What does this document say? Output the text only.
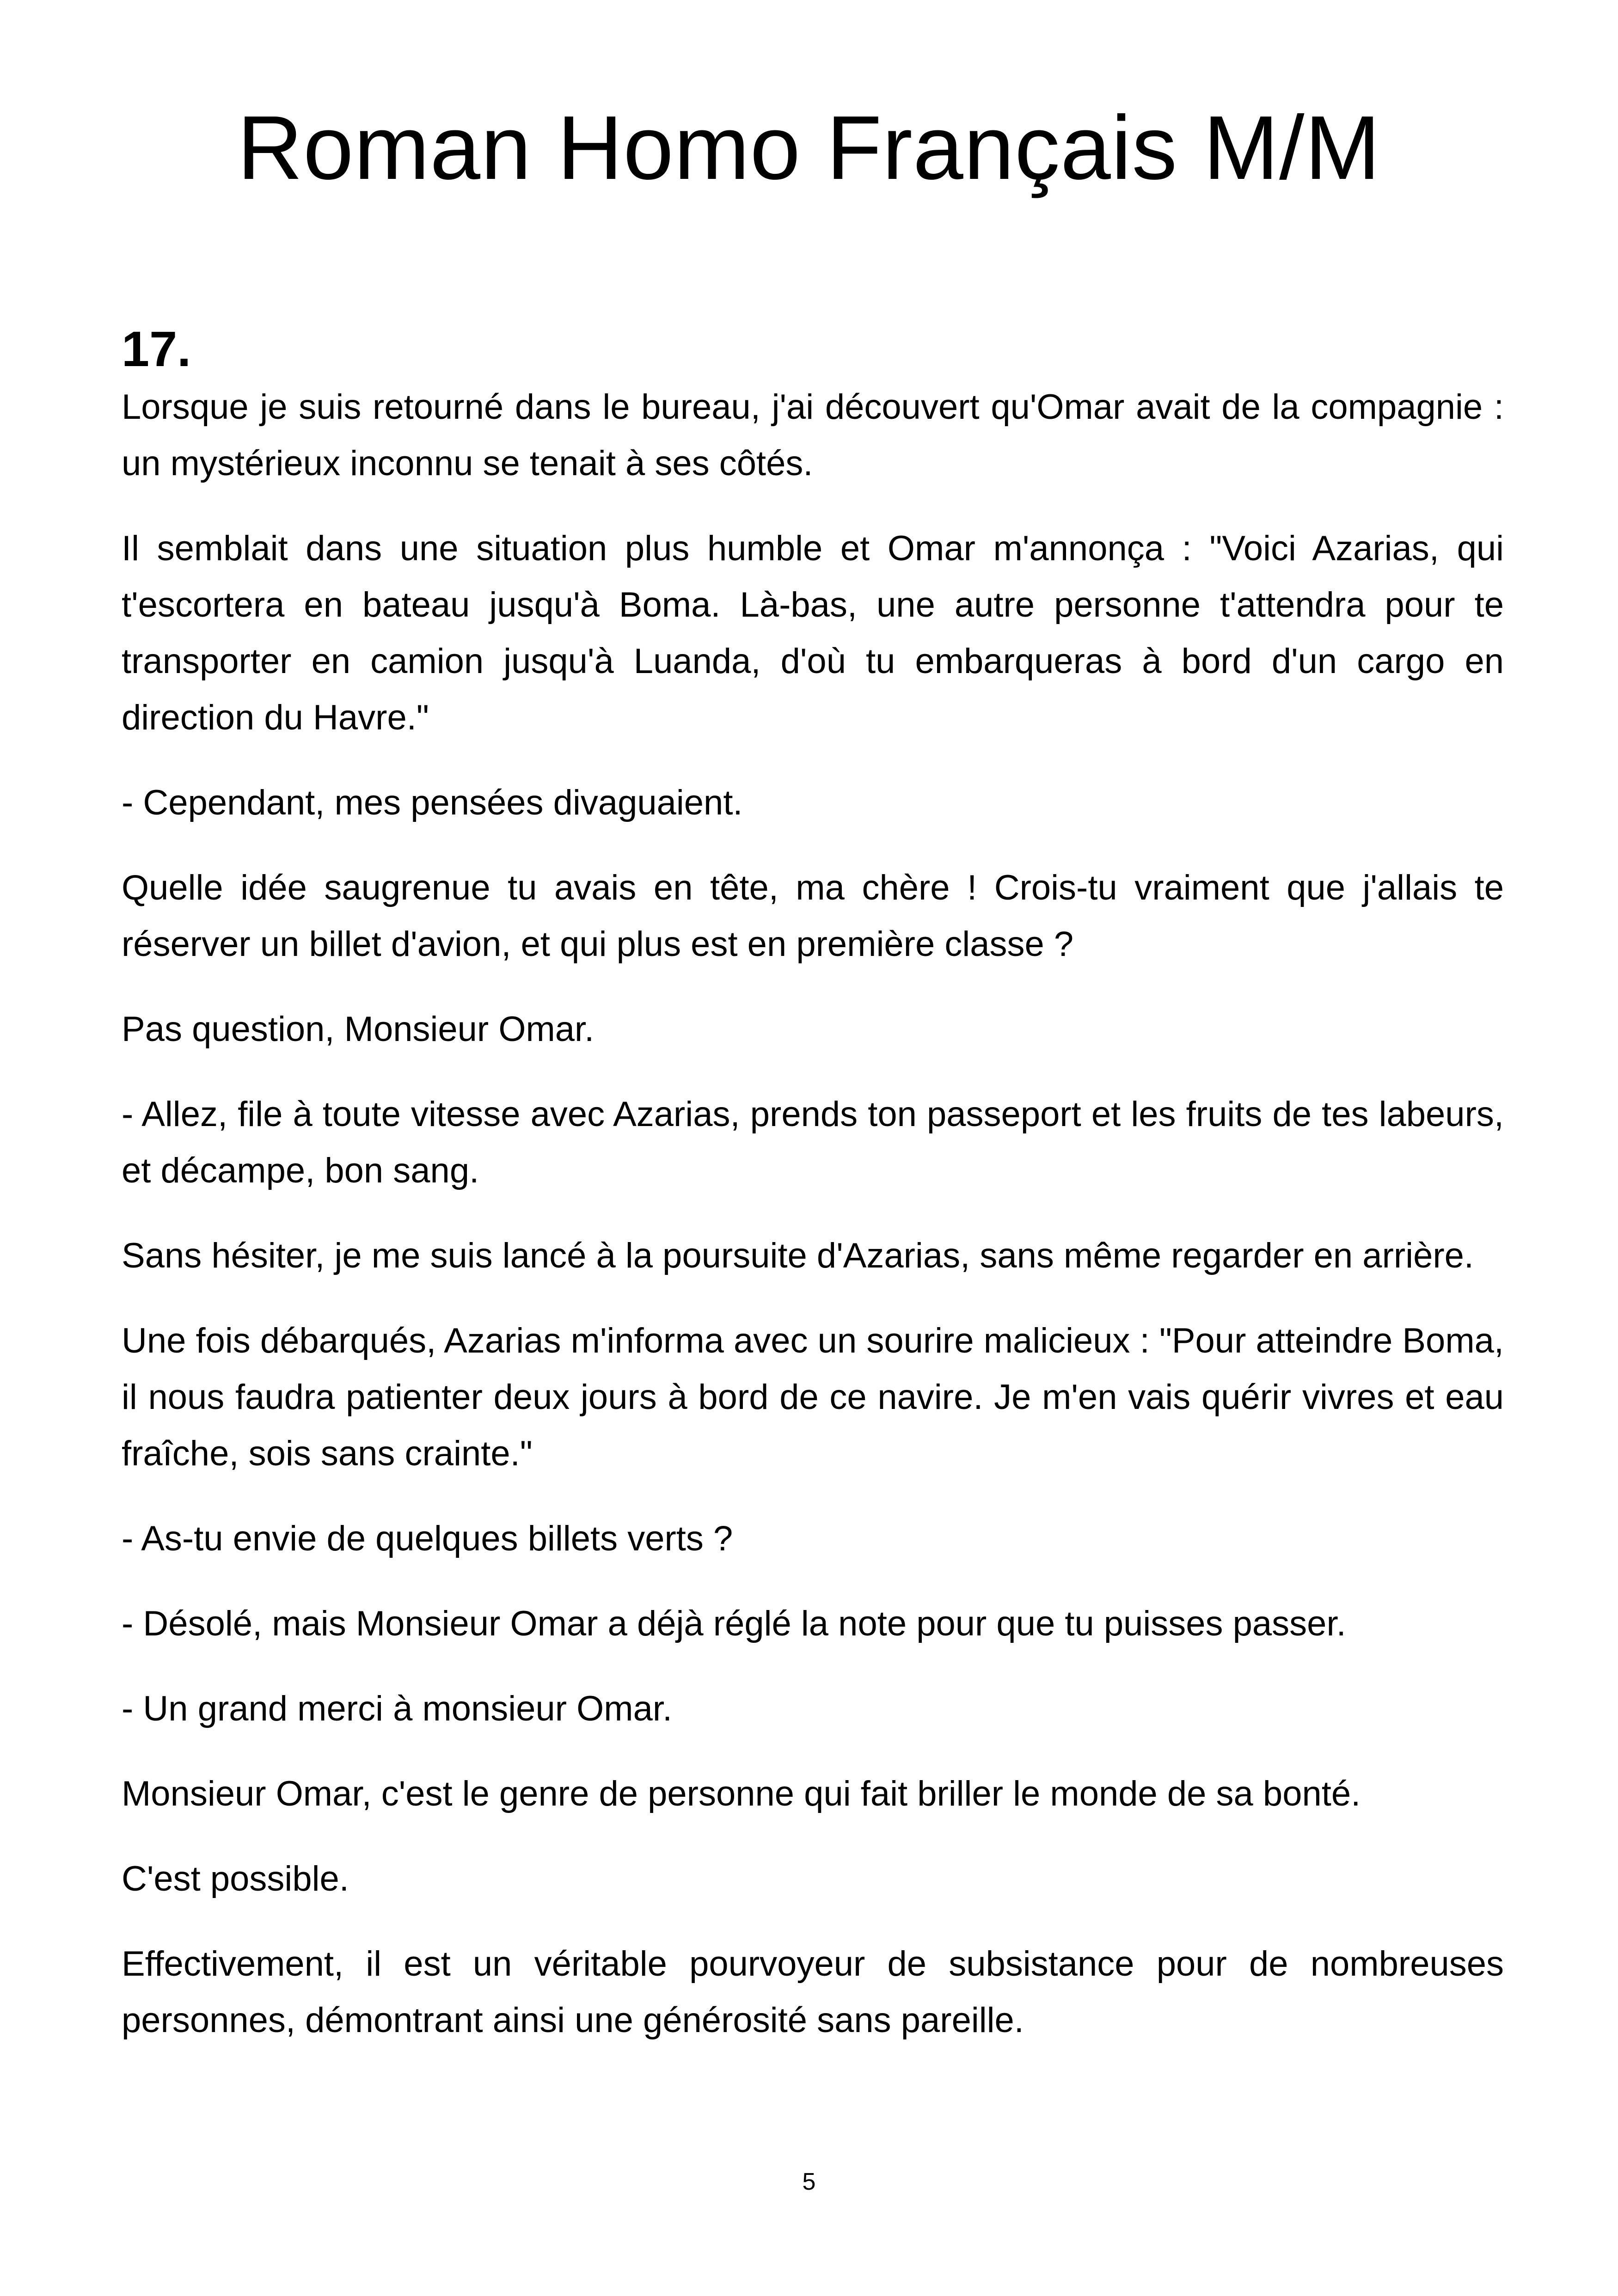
Roman Homo Français M/M
17.

Lorsque je suis retourné dans le bureau, j'ai découvert qu'Omar avait de la compagnie : un mystérieux inconnu se tenait à ses côtés.

Il semblait dans une situation plus humble et Omar m'annonça : "Voici Azarias, qui t'escortera en bateau jusqu'à Boma. Là-bas, une autre personne t'attendra pour te transporter en camion jusqu'à Luanda, d'où tu embarqueras à bord d'un cargo en direction du Havre."

- Cependant, mes pensées divaguaient.

Quelle idée saugrenue tu avais en tête, ma chère ! Crois-tu vraiment que j'allais te réserver un billet d'avion, et qui plus est en première classe ?

Pas question, Monsieur Omar.

- Allez, file à toute vitesse avec Azarias, prends ton passeport et les fruits de tes labeurs, et décampe, bon sang.

Sans hésiter, je me suis lancé à la poursuite d'Azarias, sans même regarder en arrière.

Une fois débarqués, Azarias m'informa avec un sourire malicieux : "Pour atteindre Boma, il nous faudra patienter deux jours à bord de ce navire. Je m'en vais quérir vivres et eau fraîche, sois sans crainte."

- As-tu envie de quelques billets verts ?

- Désolé, mais Monsieur Omar a déjà réglé la note pour que tu puisses passer.

- Un grand merci à monsieur Omar.

Monsieur Omar, c'est le genre de personne qui fait briller le monde de sa bonté.

C'est possible.

Effectivement, il est un véritable pourvoyeur de subsistance pour de nombreuses personnes, démontrant ainsi une générosité sans pareille.

5
